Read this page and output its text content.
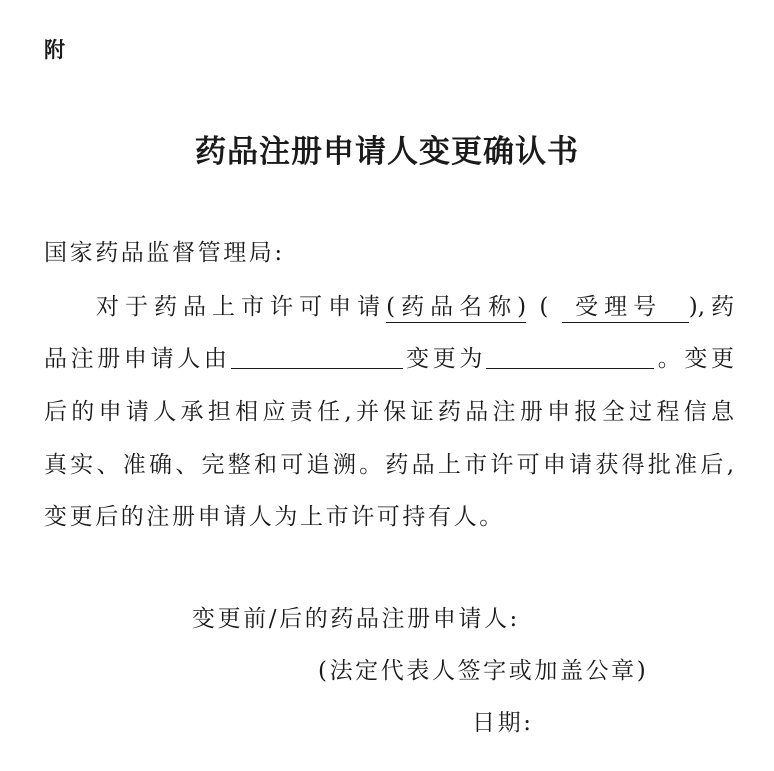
附
药品注册申请人变更确认书
国家药品监督管理局:
对于药品上市许可申请(药品名称) ( 受理号 ),药
品注册申请人由	变更为	。变更
后的申请人承担相应责任,并保证药品注册申报全过程信息
真实、准确、完整和可追溯。药品上市许可申请获得批准后,
变更后的注册申请人为上市许可持有人。
变更前/后的药品注册申请人:
(法定代表人签字或加盖公章)
日期:
